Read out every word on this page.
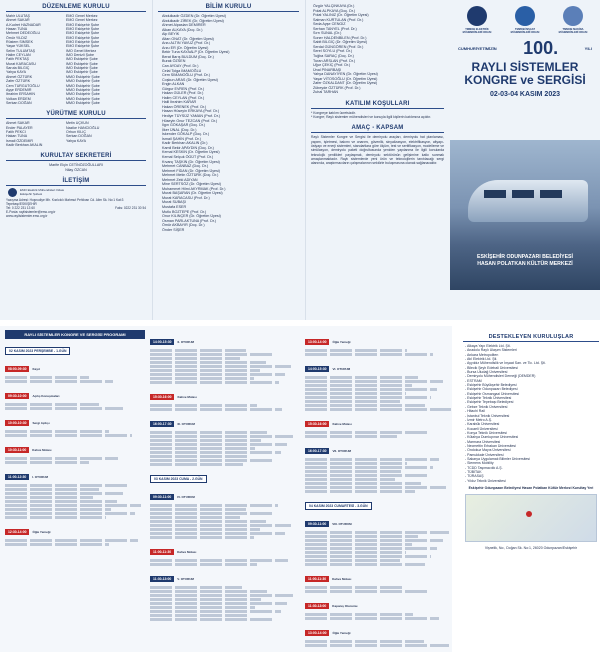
DÜZENLEME KURULU
Mahir ULUTAŞ	EMO Genel Merkez
Ahmet SAKAR	EMO Genel Merkez
A.Kudret HAZNADAR	EMO Eskişehir Şube
Hasan TUNA	EMO Eskişehir Şube
Mehmet DEDEOĞLU	EMO Eskişehir Şube
Ömür YILDIZ	EMO Eskişehir Şube
Rüstem SİMSEK	EMO Eskişehir Şube
Yaşar YÜKSEL	EMO Eskişehir Şube
Selim TULUMTAŞ	İMO Genel Merkez
Halim CEYLAN	İMO Denizli Şube
Fatih PEKTAŞ	İMO Eskişehir Şube
Murat KARACASU	İMO Eskişehir Şube
Saruta BİLGİÇ	İMO Eskişehir Şube
Yahya KAYA	İMO Eskişehir Şube
Ahmet ÖZTÜRK	MMO Eskişehir Şube
Zafer ÖZTÜRK	MMO Eskişehir Şube
Cem TURGUTOĞLU	MMO Eskişehir Şube
Ayşe ERDEMİR	MMO Eskişehir Şube
İbrahim ERSAHİN	MMO Eskişehir Şube
Volkan ERDEM	MMO Eskişehir Şube
Serkan DOĞAN	MMO Eskişehir Şube
YÜRÜTME KURULU
Ahmet SAKAR	Metin UÇKUN
Ender PALAYER	Nazike HANCIOĞLU
Fatih PEKCİ	Orhun KILIÇ
Hakan TUNA	Serkan DOĞAN
İsmail ÖZDEMİR	Yahya KAYA
Kadir Berkhan AKALIN
KURULTAY SEKRETERİ
Marife Elçin CETİNÖZOĞULLARI
Nilay ÖZCAN
İLETİŞİM
EMO Elektrik Mühendisleri Odası
Eskişehir Şubesi
Yazışma Adresi: Hoşnudiye Mh. Kızılcıklı Mahmut Pehlivan Cd. Alim Sk. No:1 Kat:3 Tepebaşı/ESKİŞEHİR
Tel: 0 222 231 13 60	Faks: 0222 231 30 54
E-Posta: raylisistemler@emo.org.tr
www.raylisistemler.emo.org.tr
BİLİM KURULU
Abdulkadir ÖZDEN (Dr. Öğretim Üyesi)
Abdulkadir ZİREK (Dr. Öğretim Üyesi)
Ahmet Alpaslan DEMİRER
Alkan ALKAYA (Doç. Dr.)
Alp BEYİK
Altan ONAT (Dr. Öğretim Üyesi)
Arzu ALTIN YAVUZ (Prof. Dr.)
Arzu ER (Dr. Öğretim Üyesi)
Bekir Tuna KAYAALP (Dr. Öğretim Üyesi)
Berat Barış BULDUM (Doç. Dr.)
Burak ÖZSEN
Can AYDAY (Prof. Dr.)
Celal Tolga İMAMOĞLU
Cem SİMANOĞLU (Prof. Dr.)
Coşkun ARAS (Dr. Öğretim Üyesi)
Engin ALKAN
Gürgur EVREN (Prof. Dr.)
Hakan GÜLER (Prof. Dr.)
Halim CEYLAN (Prof. Dr.)
Halil İbrahim KARAR
Hakan ÖRENEK (Prof. Dr.)
Hasan Hüseyin ERKAYA (Prof. Dr.)
Hediye TÜYSÜZ YAMAN (Prof. Dr.)
Hüseyin Onur TEZCAN (Prof. Dr.)
İlgın GÖKAŞAR (Doç. Dr.)
İlker ÜNAL (Doç. Dr.)
İskender GÖKALP (Doç. Dr.)
İsmail ŞAHİN (Prof. Dr.)
Kadir Berkhan AKALIN (Dr.)
Kamil Bekir APAYDIN (Doç. Dr.)
Kemal KESKİN (Dr. Öğretim Üyesi)
Kemal Selçuk ÖGÜT (Prof. Dr.)
Kıvanç TAŞKIN (Dr. Öğretim Üyesi)
Mehmet CANBAZ (Doç. Dr.)
Mehmet FİDAN (Dr. Öğretim Üyesi)
Mehmet Metin ÖZTÜRK (Doç. Dr.)
Mehmet Zeki ADIYAN
Mine SERTSÖZ (Dr. Öğretim Üyesi)
Muhammet Hilmi AKYRMAK (Prof. Dr.)
Murat BAŞARAN (Dr. Öğretim Üyesi)
Murat KARACASU (Prof. Dr.)
Murat SUBAŞI
Mustafa ESER
Mutlu BOZTEPE (Prof. Dr.)
Onur KILINÇER (Dr. Öğretim Üyesi)
Osman PARLAKTUNA (Prof. Dr.)
Ömür AKBAYIR (Doç. Dr.)
Önder SİŞER
Özgür YALÇINKAYA (Dr.)
Polat ALPKAYA (Doç. Dr.)
Polat YALINIZ (Dr. Öğretim Üyesi)
Salman KURTULAN (Prof. Dr.)
Seda Ayşe CENGİZ
Serhan TANYEL (Prof. Dr.)
Sırrı SUNAL (Dr.)
Soner HALDENBİLEN (Prof. Dr.)
Sabit BİLGİÇ (Dr. Öğretim Üyesi)
Serdal GÜNGÖREN (Prof. Dr.)
Serel SOYLU (Prof. Dr.)
Tuğba SARAÇ (Doç. Dr.)
Turan ARSLAN (Prof. Dr.)
Uğur ÇEKİÇ (Prof. Dr.)
Ünal PINARBAŞI
Yahya DANAYİYEN (Dr. Öğretim Üyesi)
Yaşar VİTOSOĞLU (Dr. Öğretim Üyesi)
Zafer ÖZKALDANT (Dr. Öğretim Üyesi)
Zübeyde ÖZTÜRK (Prof. Dr.)
Zuhal TARHAN
KATILIM KOŞULLARI
* Kongreye katılım ücretsizdir.
* Kongre; Raylı sistemler mühendisleri ve konuyla ilgili kişilerin katılımına açıktır.
AMAÇ - KAPSAM
Raylı Sistemler Kongre ve Sergisi ile demiryolu araçları, demiryolu hat planlaması, yapımı, işletmesi, bakımı ve onarımı, güvenlik, sinyalizasyon, elektrifikasyon, altyapı-üstyapı ve enerji sistemleri, standartlara göre ölçüm, test ve sertifikasyon, modelleme ve simülasyon, demiryolu paketi doğrultusunda yeniden yapılanma ile ilgili konularda teknolojik yenilikleri paylaşmak, demiryolu sektörünün gelişimine katkı sunmak amaçlanmaktadır. Raylı sistemlerde yeni ürün ve teknolojilerin tanıtılacağı sergi alanında, araştırmacıların çalışmalarının sektörle buluşmasına olanak sağlanacaktır.
TMMOB ELEKTRİK MÜHENDİSLERİ ODASI
TMMOB İNŞAAT MÜHENDİSLERİ ODASI
TMMOB MAKİNA MÜHENDİSLERİ ODASI
CUMHURİYETİMİZİN 100.	YILI
RAYLI SİSTEMLER
KONGRE ve SERGİSİ
02-03-04 KASIM 2023
ESKİŞEHİR ODUNPAZARI BELEDİYESİ
HASAN POLATKAN KÜLTÜR MERKEZİ
RAYLI SİSTEMLER KONGRE VE SERGİSİ PROGRAMI
02 KASIM 2023 PERŞEMBE - 1.GÜN
08:00-09:30 Kayıt
09:30-10:00 Açılış Konuşmaları
10:00-10:30 Sergi Açılışı
10:30-11:00 Kahve Molası
11:00-12:30 I. OTURUM
12:30-14:00 Öğle Yemeği
14:00-15:30 II. OTURUM
15:30-16:00 Kahve Molası
16:00-17:30 III. OTURUM
03 KASIM 2023 CUMA - 2.GÜN
09:30-11:00 IV. OTURUM
11:00-11:30 Kahve Molası
11:30-13:00 V. OTURUM
13:00-14:00 Öğle Yemeği
14:00-15:30 VI. OTURUM
15:30-16:00 Kahve Molası
16:00-17:30 VII. OTURUM
04 KASIM 2023 CUMARTESİ - 3.GÜN
09:30-11:00 VIII. OTURUM
11:00-11:30 Kahve Molası
11:30-13:00 Kapanış Oturumu
13:00-14:00 Öğle Yemeği
DESTEKLEYEN KURULUŞLAR
- Alkaya Yapı Elektrik Ltd. Şti.
- Anadolu Raylı Ulaşım Sistemleri
- Ankara Metropoliten
- Atıl Elektrik Ltd. Şti.
- Ayyıldız Mühendislik ve İnşaat San. ve Tic. Ltd. Şti.
- Bilecik Şeyh Edebali Üniversitesi
- Bursa Uludağ Üniversitesi
- Demiryolu Mühendisleri Derneği (DEMDER)
- ESTRAM
- Eskişehir Büyükşehir Belediyesi
- Eskişehir Odunpazarı Belediyesi
- Eskişehir Osmangazi Üniversitesi
- Eskişehir Teknik Üniversitesi
- Eskişehir Tepebaşı Belediyesi
- Gebze Teknik Üniversitesi
- Hitachi Rail
- İstanbul Teknik Üniversitesi
- İzmir Metro A.Ş.
- Karabük Üniversitesi
- Kocaeli Üniversitesi
- Konya Teknik Üniversitesi
- Kütahya Dumlupınar Üniversitesi
- Marmara Üniversitesi
- Necmettin Erbakan Üniversitesi
- Ondokuz Mayıs Üniversitesi
- Pamukkale Üniversitesi
- Sakarya Uygulamalı Bilimler Üniversitesi
- Siemens Mobility
- TCDD Taşımacılık A.Ş.
- TÜBİTAK
- TÜRASAŞ
- Yıldız Teknik Üniversitesi
Eskişehir Odunpazarı Belediyesi Hasan Polatkan Kültür Merkezi Kurultay Yeri
Vişnelik, No:, Doğan Sk. No:1, 26020 Odunpazarı/Eskişehir
